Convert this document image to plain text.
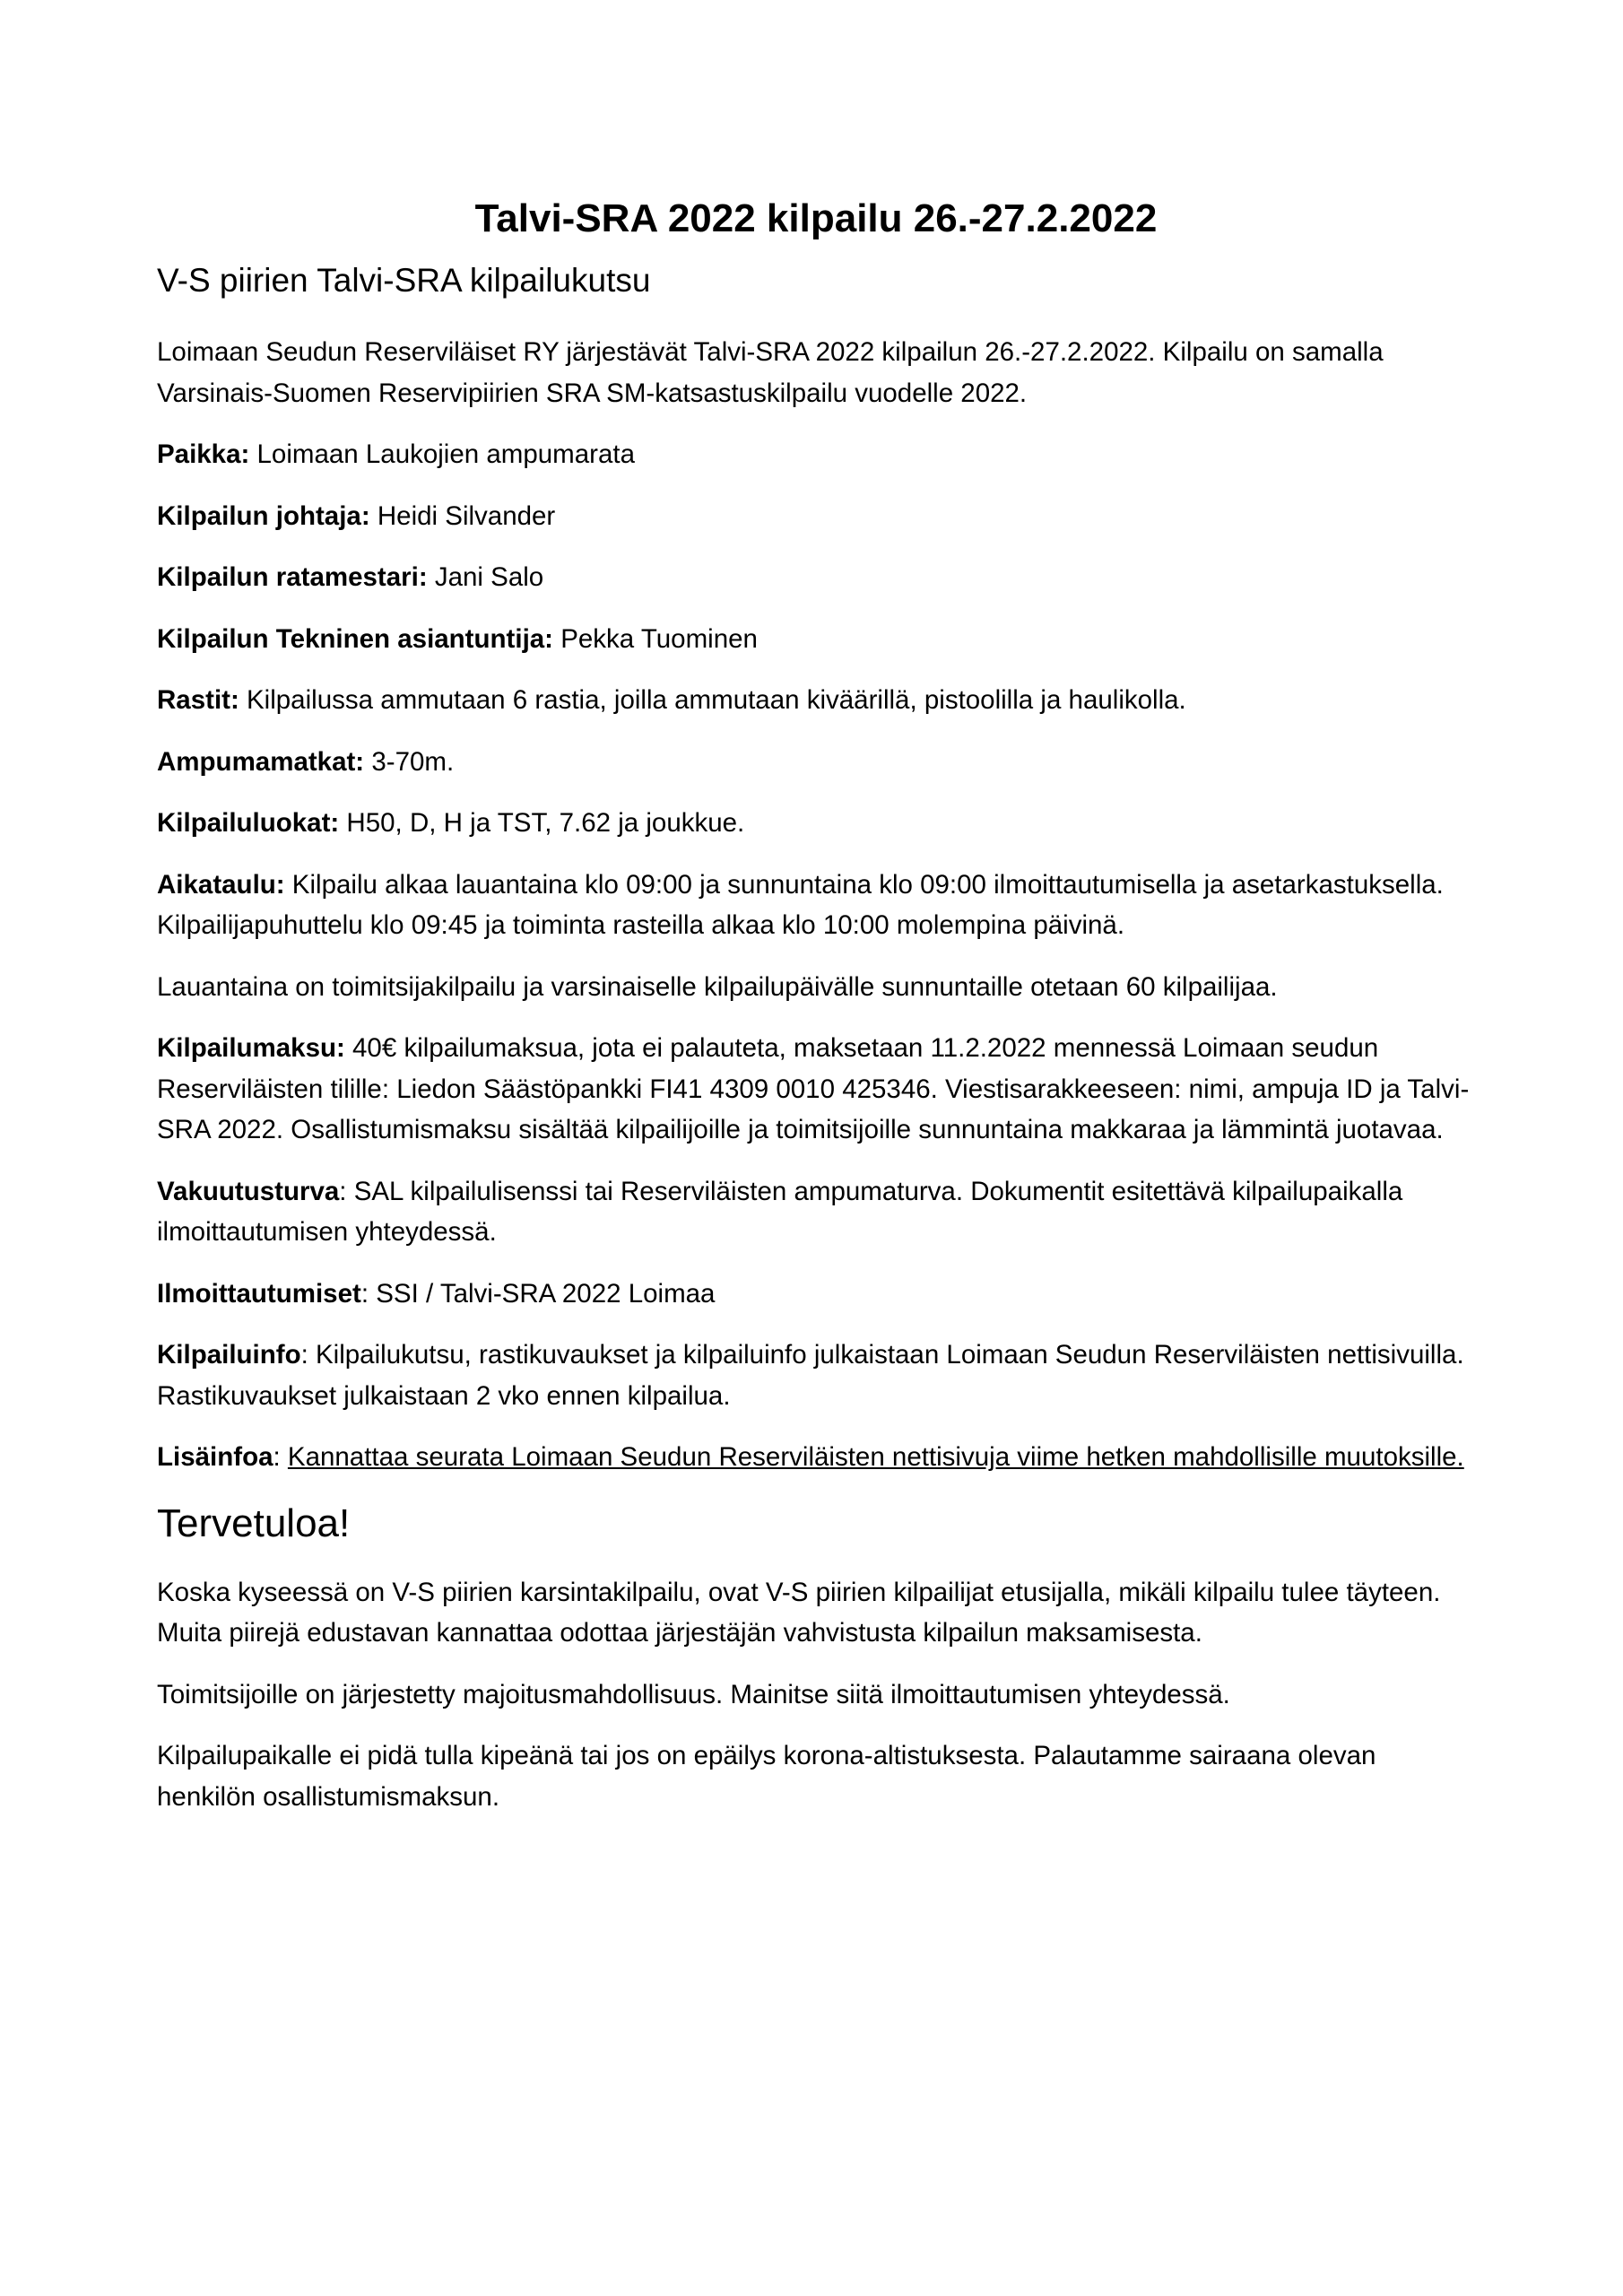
Talvi-SRA 2022 kilpailu 26.-27.2.2022
V-S piirien Talvi-SRA kilpailukutsu

Loimaan Seudun Reserviläiset RY järjestävät Talvi-SRA 2022 kilpailun 26.-27.2.2022. Kilpailu on samalla Varsinais-Suomen Reservipiirien SRA SM-katsastuskilpailu vuodelle 2022.

Paikka: Loimaan Laukojien ampumarata

Kilpailun johtaja: Heidi Silvander

Kilpailun ratamestari: Jani Salo

Kilpailun Tekninen asiantuntija: Pekka Tuominen

Rastit: Kilpailussa ammutaan 6 rastia, joilla ammutaan kiväärillä, pistoolilla ja haulikolla.

Ampumamatkat: 3-70m.

Kilpailuluokat: H50, D, H ja TST, 7.62 ja joukkue.

Aikataulu: Kilpailu alkaa lauantaina klo 09:00 ja sunnuntaina klo 09:00 ilmoittautumisella ja asetarkastuksella. Kilpailijapuhuttelu klo 09:45 ja toiminta rasteilla alkaa klo 10:00 molempina päivinä.

Lauantaina on toimitsijakilpailu ja varsinaiselle kilpailupäivälle sunnuntaille otetaan 60 kilpailijaa.

Kilpailumaksu: 40€ kilpailumaksua, jota ei palauteta, maksetaan 11.2.2022 mennessä Loimaan seudun Reserviläisten tilille: Liedon Säästöpankki FI41 4309 0010 425346. Viestisarakkeeseen: nimi, ampuja ID ja Talvi-SRA 2022. Osallistumismaksu sisältää kilpailijoille ja toimitsijoille sunnuntaina makkaraa ja lämmintä juotavaa.

Vakuutusturva: SAL kilpailulisenssi tai Reserviläisten ampumaturva. Dokumentit esitettävä kilpailupaikalla ilmoittautumisen yhteydessä.

Ilmoittautumiset: SSI / Talvi-SRA 2022 Loimaa

Kilpailuinfo: Kilpailukutsu, rastikuvaukset ja kilpailuinfo julkaistaan Loimaan Seudun Reserviläisten nettisivuilla. Rastikuvaukset julkaistaan 2 vko ennen kilpailua.

Lisäinfoa: Kannattaa seurata Loimaan Seudun Reserviläisten nettisivuja viime hetken mahdollisille muutoksille.

Tervetuloa!

Koska kyseessä on V-S piirien karsintakilpailu, ovat V-S piirien kilpailijat etusijalla, mikäli kilpailu tulee täyteen. Muita piirejä edustavan kannattaa odottaa järjestäjän vahvistusta kilpailun maksamisesta.

Toimitsijoille on järjestetty majoitusmahdollisuus. Mainitse siitä ilmoittautumisen yhteydessä.

Kilpailupaikalle ei pidä tulla kipeänä tai jos on epäilys korona-altistuksesta. Palautamme sairaana olevan henkilön osallistumismaksun.
